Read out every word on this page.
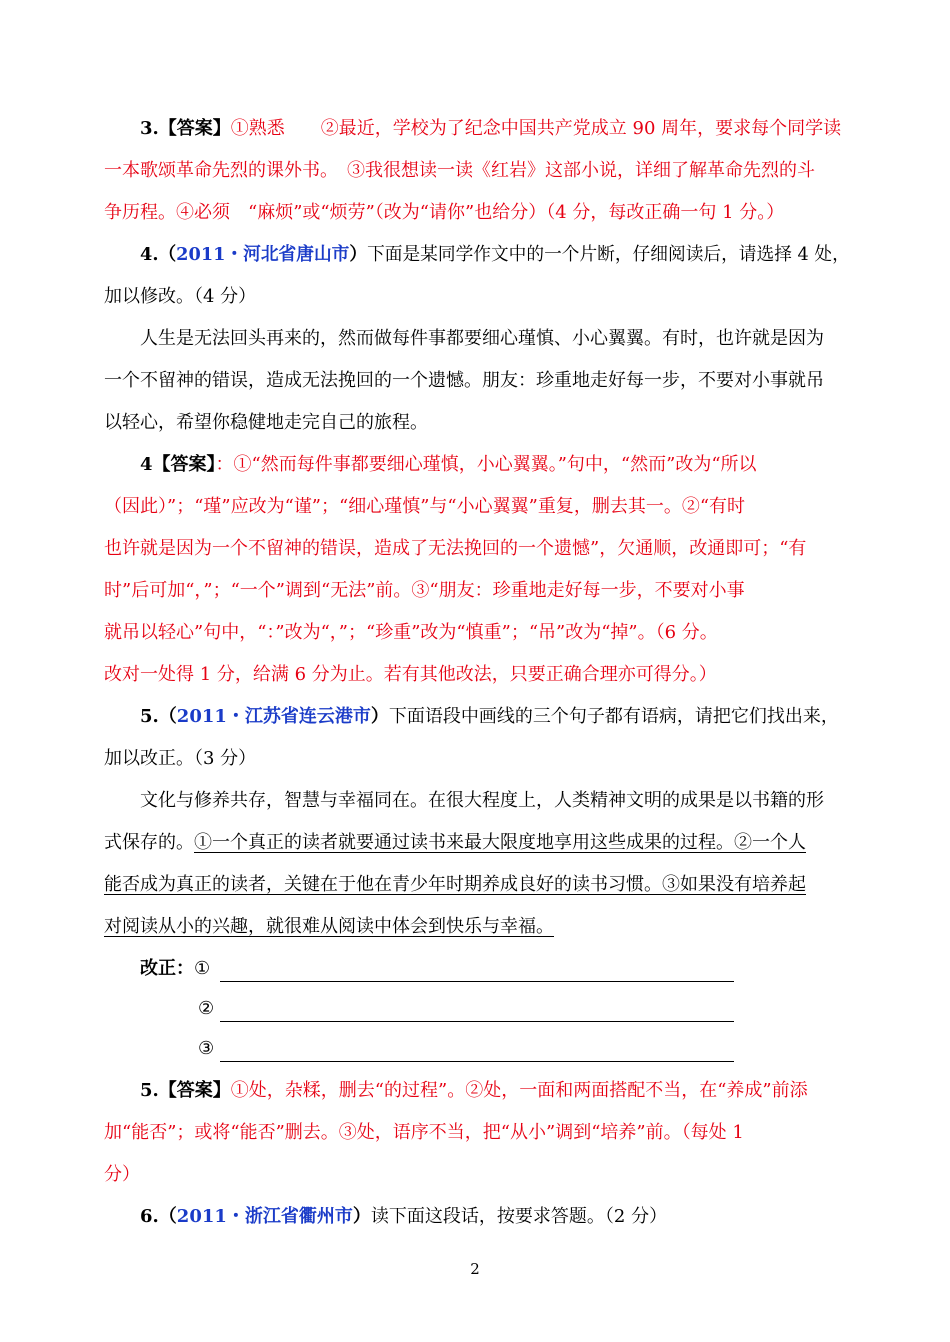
3.【答案】①熟悉　　②最近，学校为了纪念中国共产党成立 90 周年，要求每个同学读
一本歌颂革命先烈的课外书。　③我很想读一读《红岩》这部小说，详细了解革命先烈的斗
争历程。④必须　“麻烦”或“烦劳”（改为“请你”也给分）（4 分，每改正确一句 1 分。）
4.（2011・河北省唐山市）下面是某同学作文中的一个片断，仔细阅读后，请选择 4 处，
加以修改。（4 分）
人生是无法回头再来的，然而做每件事都要细心瑾慎、小心翼翼。有时，也许就是因为
一个不留神的错误，造成无法挽回的一个遗憾。朋友：珍重地走好每一步，不要对小事就吊
以轻心，希望你稳健地走完自己的旅程。
4【答案】：①“然而每件事都要细心瑾慎，小心翼翼。”句中，“然而”改为“所以
（因此）”；“瑾”应改为“谨”；“细心瑾慎”与“小心翼翼”重复，删去其一。②“有时
也许就是因为一个不留神的错误，造成了无法挽回的一个遗憾”，欠通顺，改通即可；“有
时”后可加“，”；“一个”调到“无法”前。③“朋友：珍重地走好每一步，不要对小事
就吊以轻心”句中，“：”改为“，”；“珍重”改为“慎重”；“吊”改为“掉”。（6 分。
改对一处得 1 分，给满 6 分为止。若有其他改法，只要正确合理亦可得分。）
5.（2011・江苏省连云港市）下面语段中画线的三个句子都有语病，请把它们找出来，
加以改正。（3 分）
文化与修养共存，智慧与幸福同在。在很大程度上，人类精神文明的成果是以书籍的形
式保存的。①一个真正的读者就要通过读书来最大限度地享用这些成果的过程。②一个人
能否成为真正的读者，关键在于他在青少年时期养成良好的读书习惯。③如果没有培养起
对阅读从小的兴趣，就很难从阅读中体会到快乐与幸福。
改正：①
②
③
5.【答案】①处，杂糅，删去“的过程”。②处，一面和两面搭配不当，在“养成”前添
加“能否”；或将“能否”删去。③处，语序不当，把“从小”调到“培养”前。（每处 1
分）
6.（2011・浙江省衢州市）读下面这段话，按要求答题。（2 分）
2
